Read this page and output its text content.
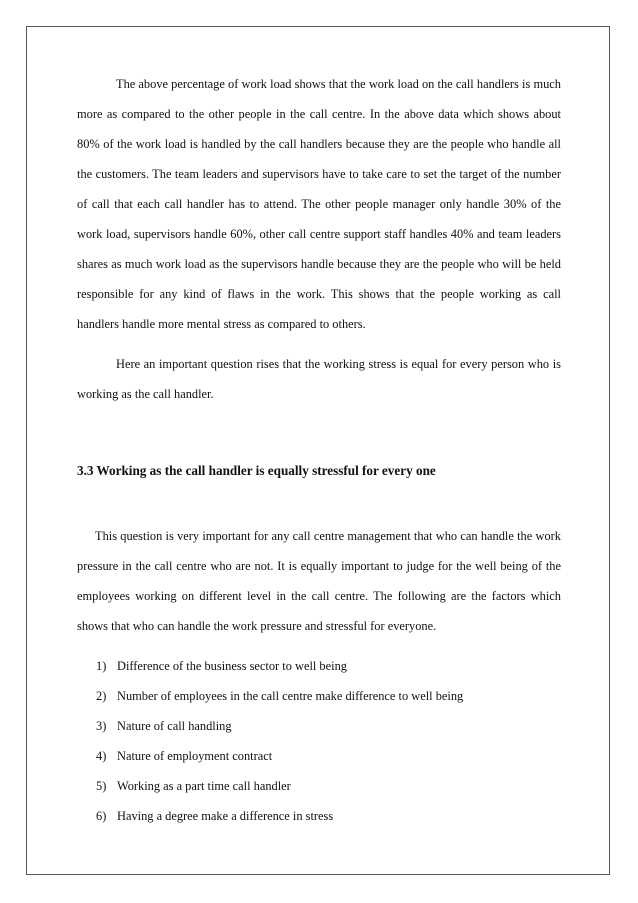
The above percentage of work load shows that the work load on the call handlers is much more as compared to the other people in the call centre. In the above data which shows about 80% of the work load is handled by the call handlers because they are the people who handle all the customers. The team leaders and supervisors have to take care to set the target of the number of call that each call handler has to attend. The other people manager only handle 30% of the work load, supervisors handle 60%, other call centre support staff handles 40% and team leaders shares as much work load as the supervisors handle because they are the people who will be held responsible for any kind of flaws in the work. This shows that the people working as call handlers handle more mental stress as compared to others.

Here an important question rises that the working stress is equal for every person who is working as the call handler.

3.3 Working as the call handler is equally stressful for every one

This question is very important for any call centre management that who can handle the work pressure in the call centre who are not. It is equally important to judge for the well being of the employees working on different level in the call centre. The following are the factors which shows that who can handle the work pressure and stressful for everyone.

1) Difference of the business sector to well being
2) Number of employees in the call centre make difference to well being
3) Nature of call handling
4) Nature of employment contract
5) Working as a part time call handler
6) Having a degree make a difference in stress
